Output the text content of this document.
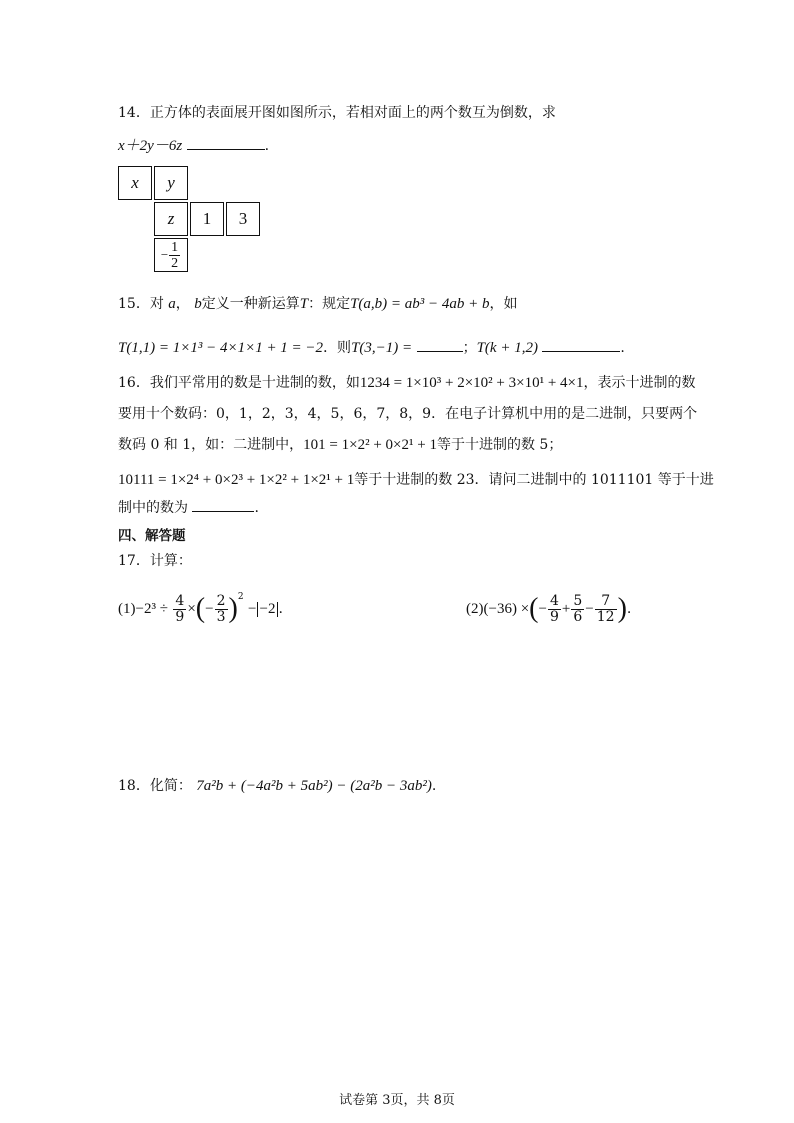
14．正方体的表面展开图如图所示，若相对面上的两个数互为倒数，求
x＋2y－6z	.
x	y
z	1	3
− $\frac{1}{2}$
15．对 a， b定义一种新运算T：规定T(a,b) = ab³ − 4ab + b，如
T(1,1) = 1×1³ − 4×1×1 + 1 = −2．则T(3,−1) =	；T(k + 1,2)	.
16．我们平常用的数是十进制的数，如1234 = 1×10³ + 2×10² + 3×10¹ + 4×1，表示十进制的数
要用十个数码：0，1，2，3，4，5，6，7，8，9．在电子计算机中用的是二进制，只要两个
数码 0 和 1，如：二进制中，101 = 1×2² + 0×2¹ + 1等于十进制的数 5；
10111 = 1×2⁴ + 0×2³ + 1×2² + 1×2¹ + 1等于十进制的数 23．请问二进制中的 1011101 等于十进
制中的数为	.
四、解答题
17．计算：
$(1)-2^3 \div \frac{4}{9}$ ×(− $\frac{2}{3} )^2 - -2$ .	(2)(−36) ×(− $\frac{4}{9} + \frac{5}{6} - \frac{7}{12}$ ).
18．化简： 7a²b + (−4a²b + 5ab²) − (2a²b − 3ab²).
试卷第 3页，共 8页
